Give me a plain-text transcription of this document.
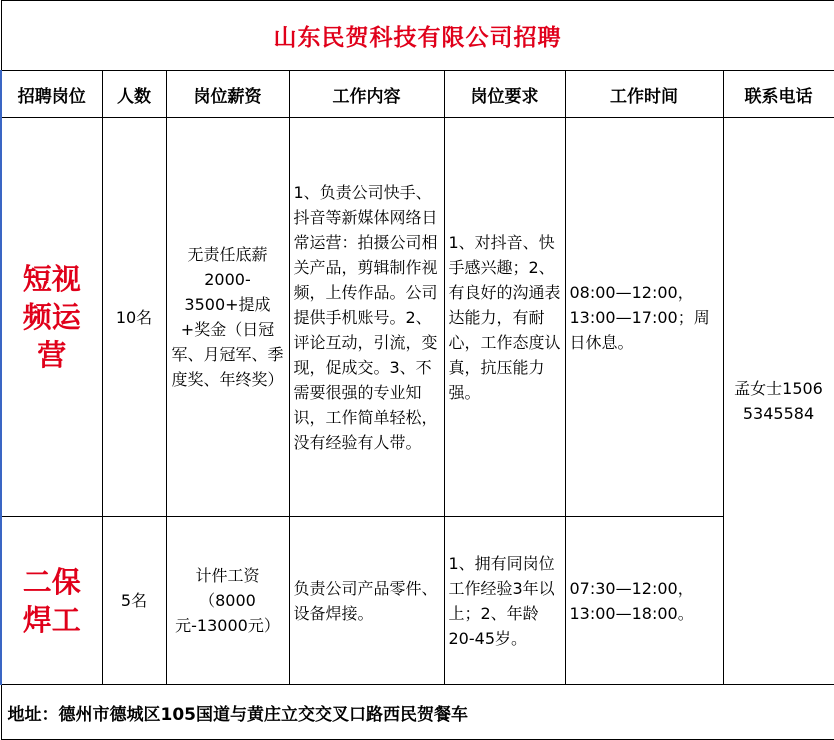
山东民贺科技有限公司招聘						
招聘岗位	人数	岗位薪资	工作内容	岗位要求	工作时间	联系电话

短视频运营	10名	无责任底薪2000-3500+提成+奖金（日冠军、月冠军、季度奖、年终奖）	1、负责公司快手、抖音等新媒体网络日常运营：拍摄公司相关产品，剪辑制作视频，上传作品。公司提供手机账号。2、评论互动，引流，变现，促成交。3、不需要很强的专业知识，工作简单轻松，没有经验有人带。	1、对抖音、快手感兴趣；2、有良好的沟通表达能力，有耐心，工作态度认真，抗压能力强。	08:00—12:00，13:00—17:00；周日休息。	孟女士15065345584

二保焊工	5名	计件工资（8000元-13000元）	负责公司产品零件、设备焊接。	1、拥有同岗位工作经验3年以上；2、年龄20-45岁。	07:30—12:00，13:00—18:00。	
地址：德州市德城区105国道与黄庄立交交叉口路西民贺餐车						
